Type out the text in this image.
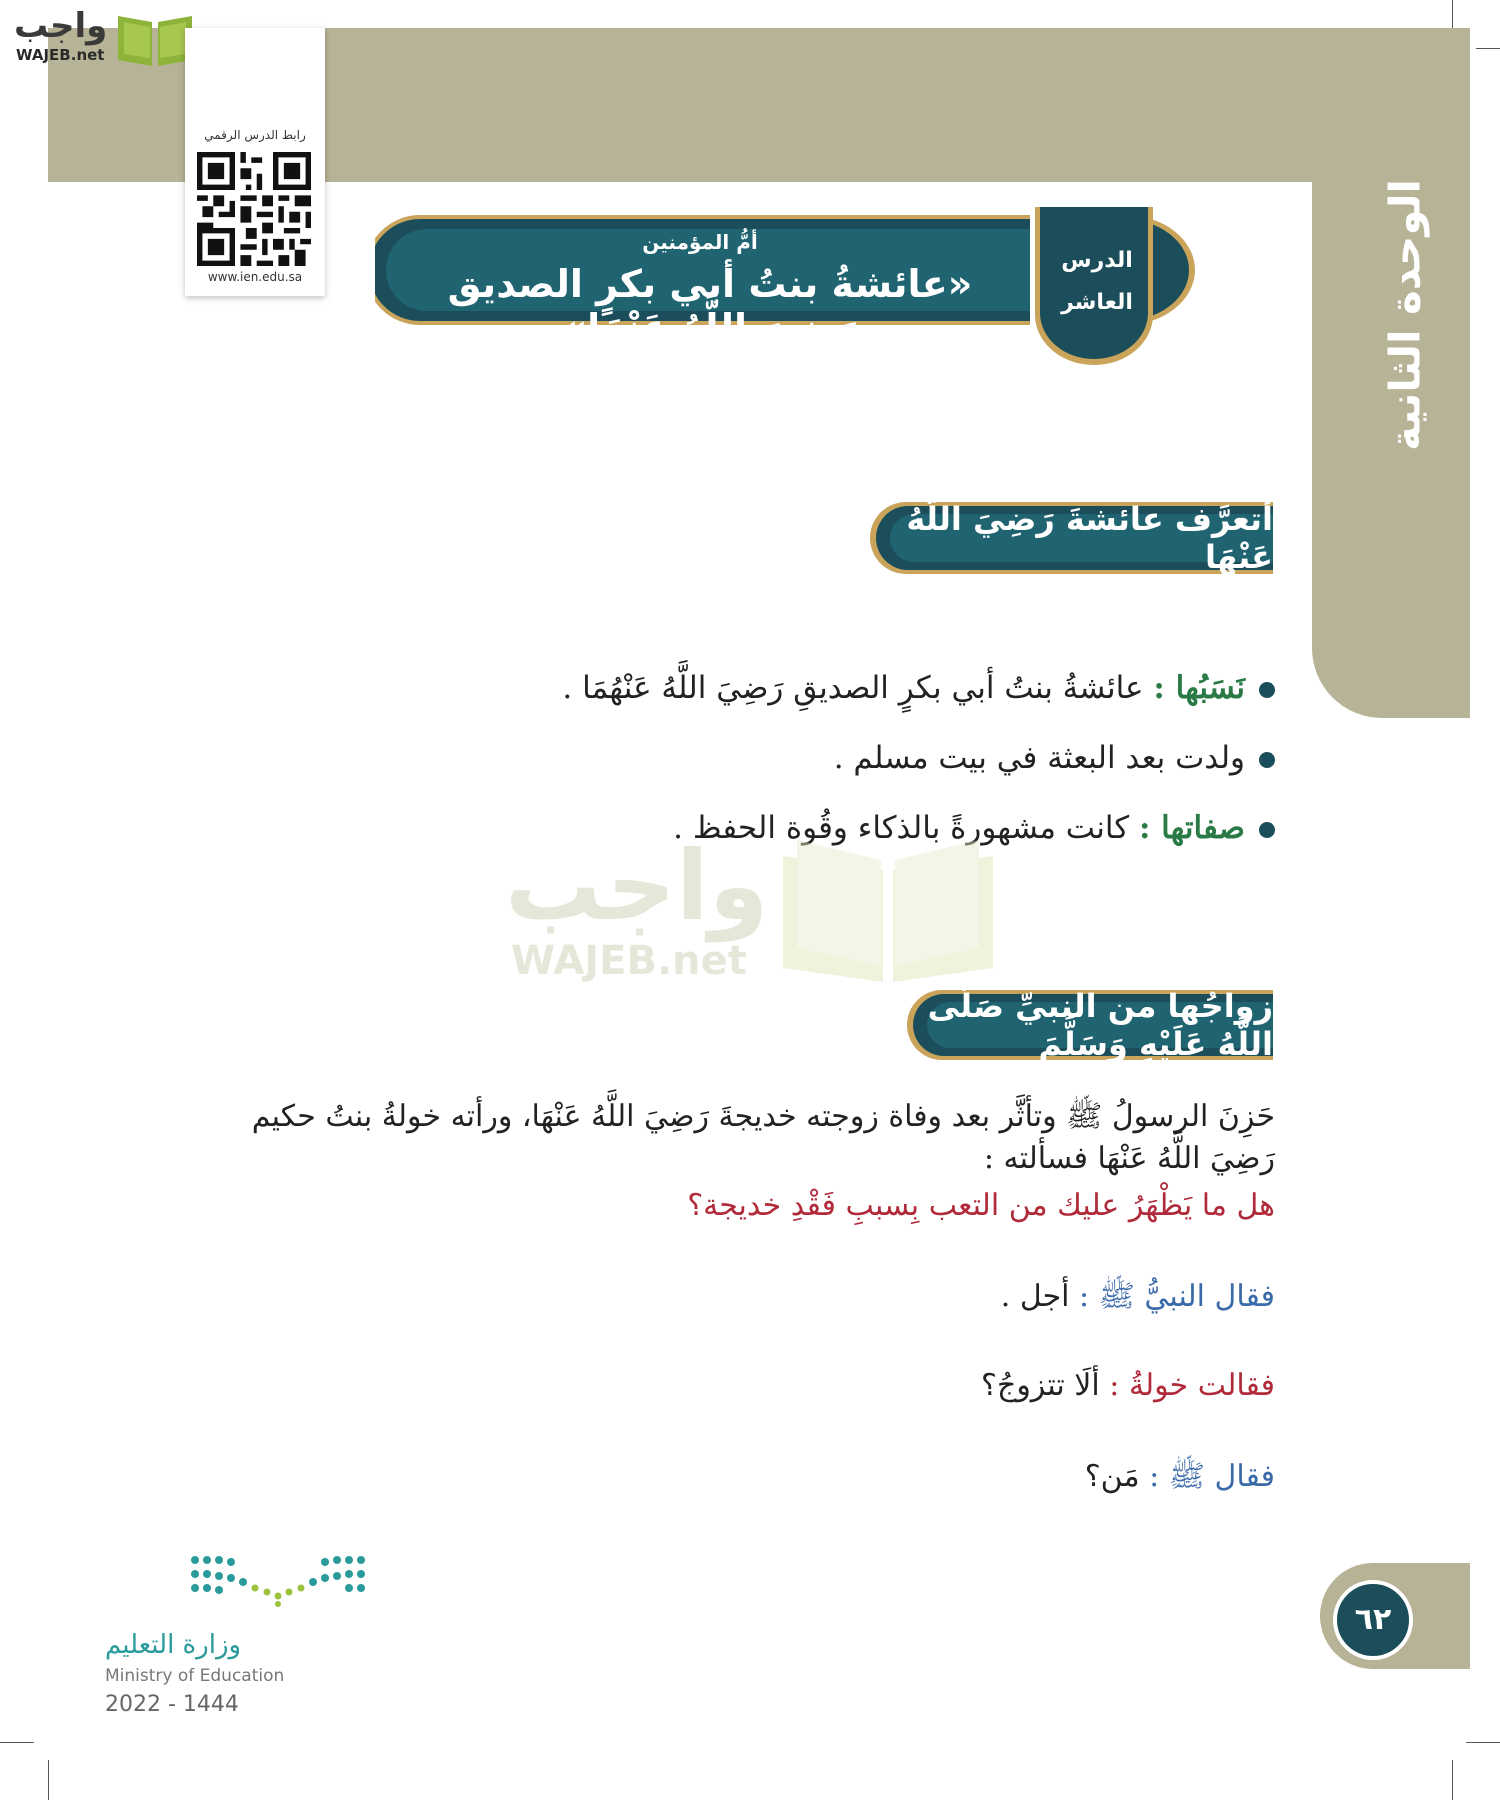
الوحدة الثانية
واجب
WAJEB.net
رابط الدرس الرقمي
www.ien.edu.sa
أمُّ المؤمنين
«عائشةُ بنتُ أبي بكرٍ الصديق رَضِيَ اللَّهُ عَنْهَا»
الدرس
العاشر
أتعرَّف عائشةَ رَضِيَ اللَّهُ عَنْهَا
نَسَبُها : عائشةُ بنتُ أبي بكرٍ الصديقِ رَضِيَ اللَّهُ عَنْهُمَا .
ولدت بعد البعثة في بيت مسلم .
صفاتها : كانت مشهورةً بالذكاء وقُوة الحفظ .
واجب
WAJEB.net
زواجُها من النبيِّ صَلَّى اللَّهُ عَلَيْهِ وَسَلَّمَ
حَزِنَ الرسولُ ﷺ وتأثَّر بعد وفاة زوجته خديجةَ رَضِيَ اللَّهُ عَنْهَا، ورأته خولةُ بنتُ حكيم رَضِيَ اللَّهُ عَنْهَا فسألته :
هل ما يَظْهَرُ عليك من التعب بِسببِ فَقْدِ خديجة؟
فقال النبيُّ ﷺ : أجل .
فقالت خولةُ : ألَا تتزوجُ؟
فقال ﷺ : مَن؟
٦٢
وزارة التعليم
Ministry of Education
2022 - 1444
